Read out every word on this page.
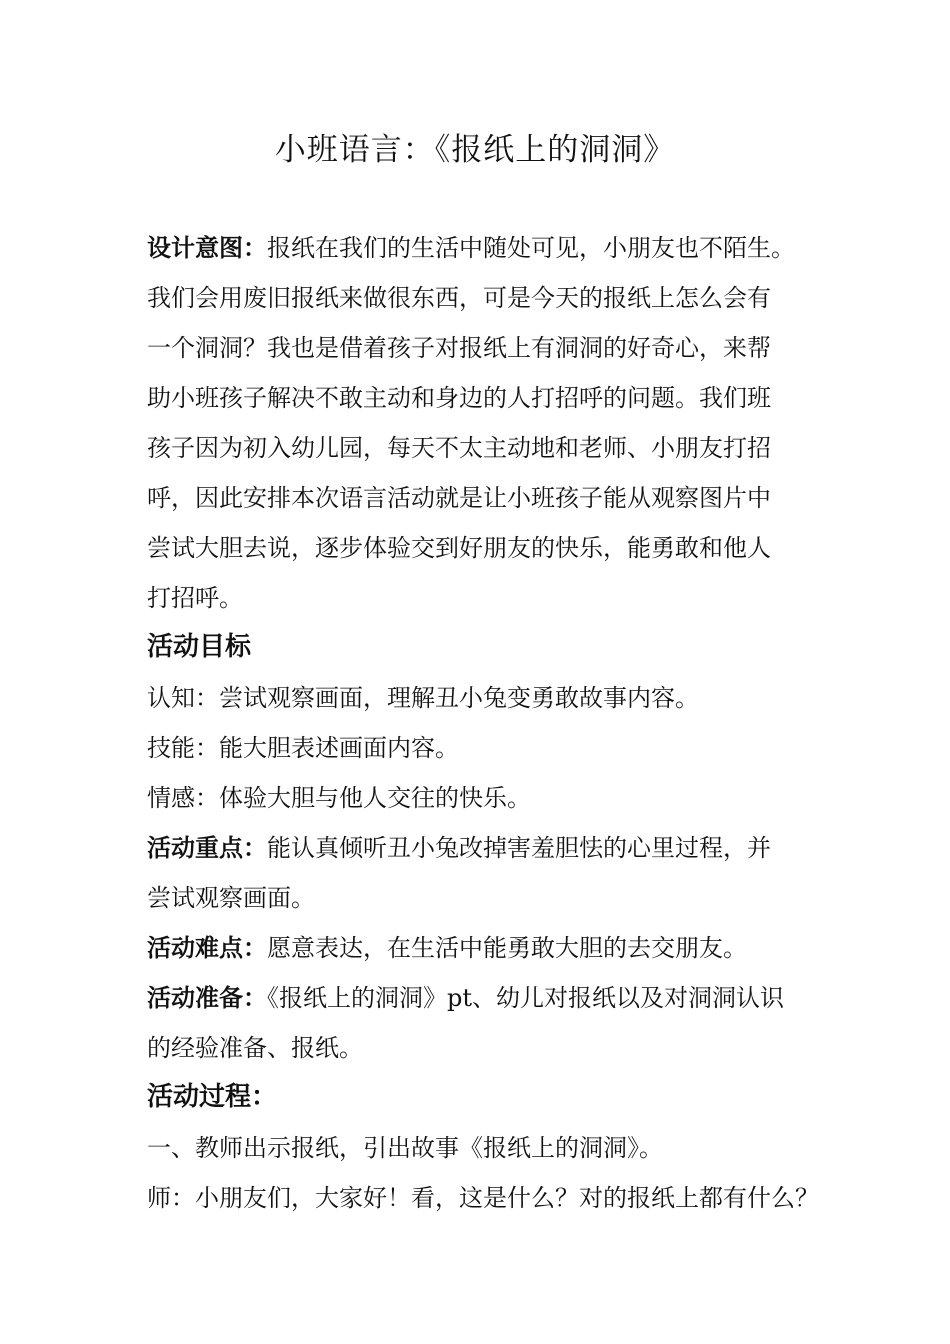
小班语言：《报纸上的洞洞》
设计意图：报纸在我们的生活中随处可见，小朋友也不陌生。
我们会用废旧报纸来做很东西，可是今天的报纸上怎么会有
一个洞洞？我也是借着孩子对报纸上有洞洞的好奇心，来帮
助小班孩子解决不敢主动和身边的人打招呼的问题。我们班
孩子因为初入幼儿园，每天不太主动地和老师、小朋友打招
呼，因此安排本次语言活动就是让小班孩子能从观察图片中
尝试大胆去说，逐步体验交到好朋友的快乐，能勇敢和他人
打招呼。
活动目标
认知：尝试观察画面，理解丑小兔变勇敢故事内容。
技能：能大胆表述画面内容。
情感：体验大胆与他人交往的快乐。
活动重点：能认真倾听丑小兔改掉害羞胆怯的心里过程，并
尝试观察画面。
活动难点：愿意表达，在生活中能勇敢大胆的去交朋友。
活动准备：《报纸上的洞洞》pt、幼儿对报纸以及对洞洞认识
的经验准备、报纸。
活动过程：
一、教师出示报纸，引出故事《报纸上的洞洞》。
师：小朋友们，大家好！看，这是什么？对的报纸上都有什么？
